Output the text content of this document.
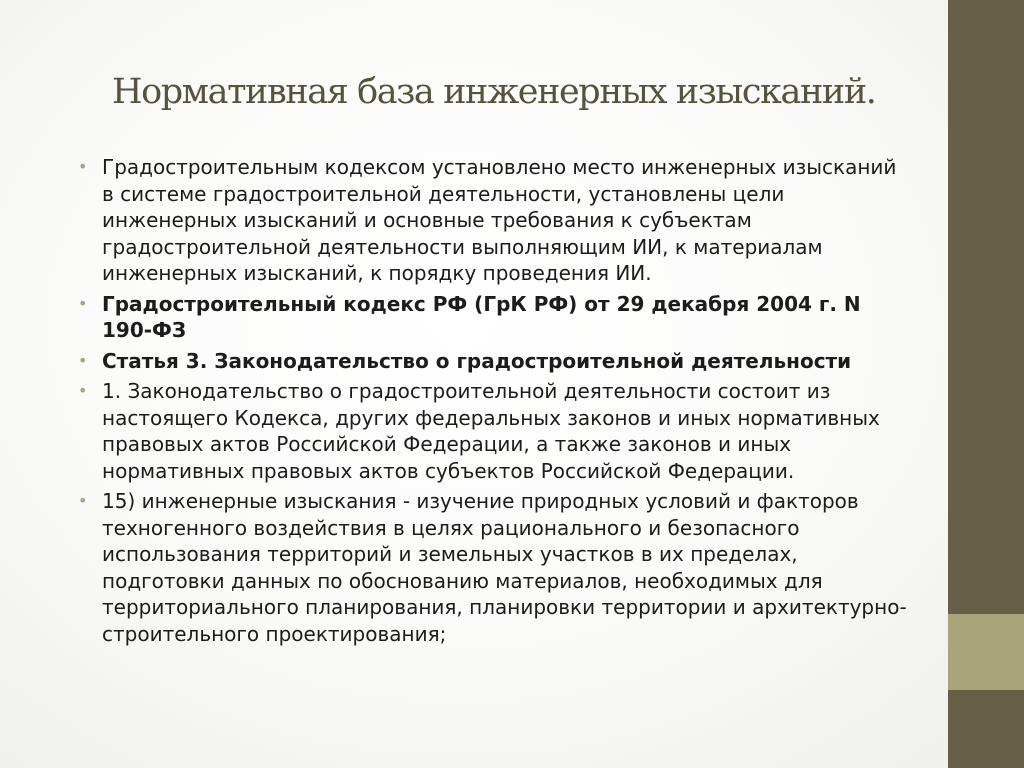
Нормативная база инженерных изысканий.
• Градостроительным кодексом установлено место инженерных изысканий в системе градостроительной деятельности, установлены цели инженерных изысканий и основные требования к субъектам градостроительной деятельности выполняющим ИИ, к материалам инженерных изысканий, к порядку проведения ИИ.
• Градостроительный кодекс РФ (ГрК РФ) от 29 декабря 2004 г. N 190-ФЗ
• Статья 3. Законодательство о градостроительной деятельности
• 1. Законодательство о градостроительной деятельности состоит из настоящего Кодекса, других федеральных законов и иных нормативных правовых актов Российской Федерации, а также законов и иных нормативных правовых актов субъектов Российской Федерации.
• 15) инженерные изыскания - изучение природных условий и факторов техногенного воздействия в целях рационального и безопасного использования территорий и земельных участков в их пределах, подготовки данных по обоснованию материалов, необходимых для территориального планирования, планировки территории и архитектурно-строительного проектирования;
